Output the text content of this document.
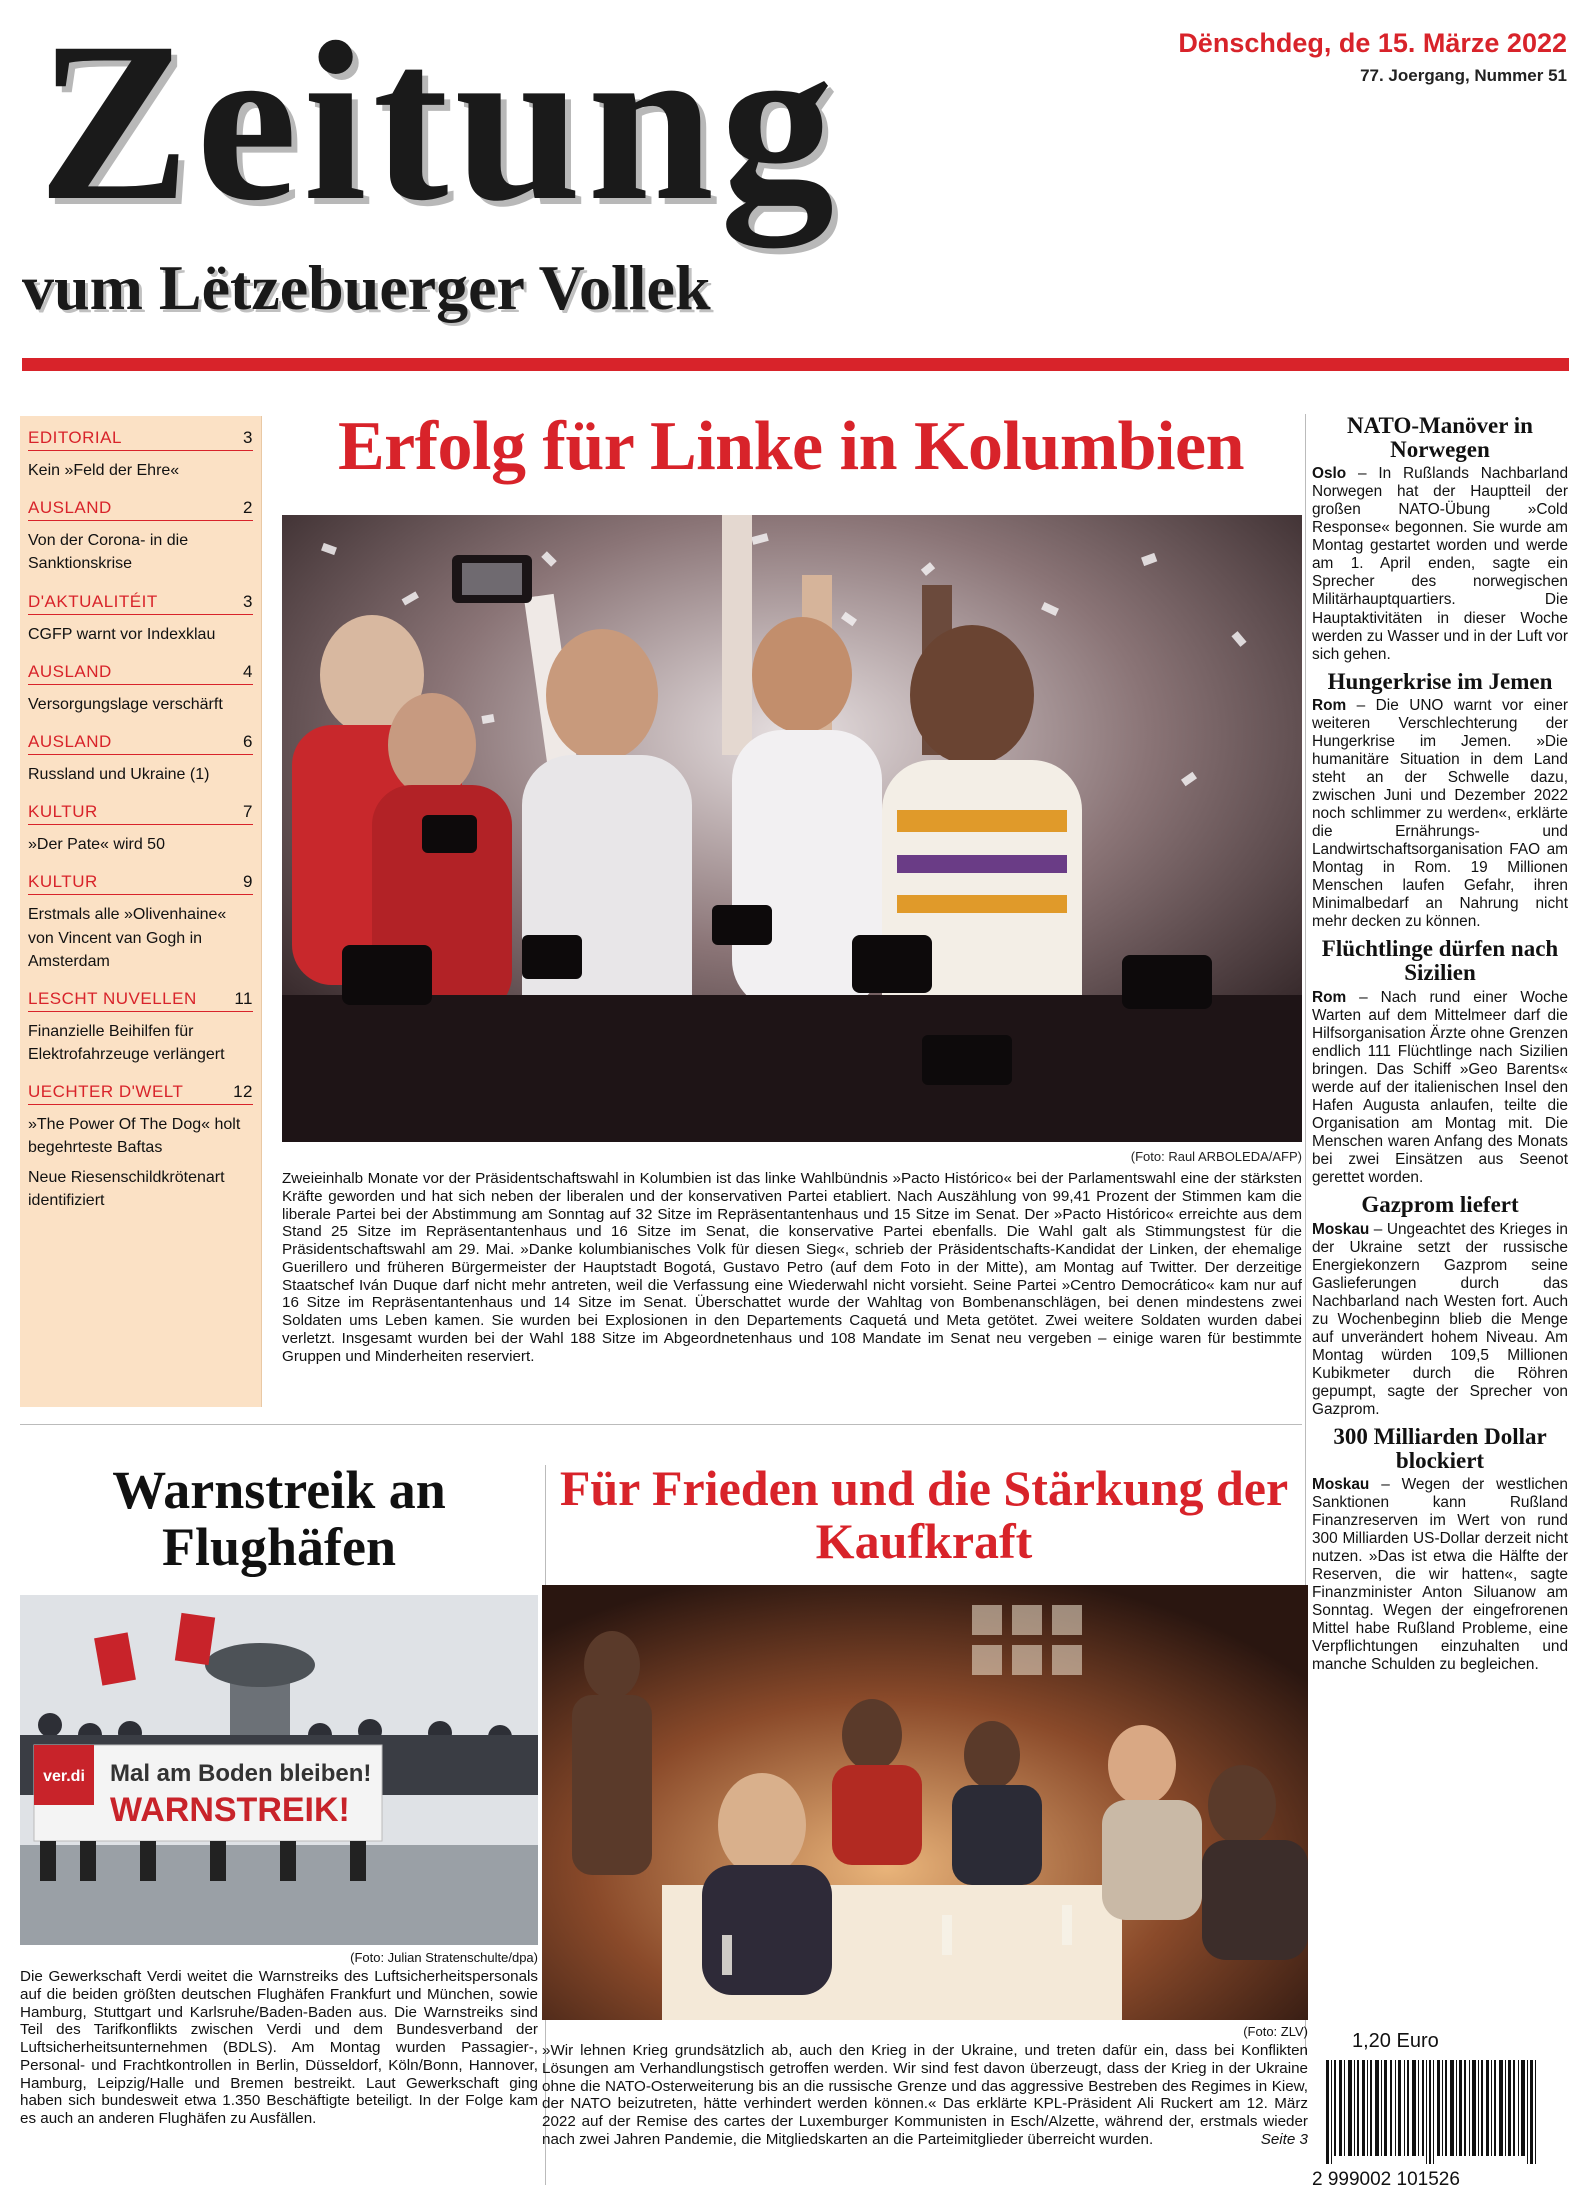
Zeitung
vum Lëtzebuerger Vollek
Dënschdeg, de 15. Märze 2022
77. Joergang, Nummer 51
EDITORIAL	3
Kein »Feld der Ehre«
AUSLAND	2
Von der Corona- in die Sanktionskrise
D'AKTUALITÉIT	3
CGFP warnt vor Indexklau
AUSLAND	4
Versorgungslage verschärft
AUSLAND	6
Russland und Ukraine (1)
KULTUR	7
»Der Pate« wird 50
KULTUR	9
Erstmals alle »Olivenhaine« von Vincent van Gogh in Amsterdam
LESCHT NUVELLEN 11
Finanzielle Beihilfen für Elektrofahrzeuge verlängert
UECHTER D'WELT	12
»The Power Of The Dog« holt begehrteste Baftas
Neue Riesenschildkrötenart identifiziert
Erfolg für Linke in Kolumbien
(Foto: Raul ARBOLEDA/AFP)
Zweieinhalb Monate vor der Präsidentschaftswahl in Kolumbien ist das linke Wahlbündnis »Pacto Histórico« bei der Parlamentswahl eine der stärksten Kräfte geworden und hat sich neben der liberalen und der konservativen Partei etabliert. Nach Auszählung von 99,41 Prozent der Stimmen kam die liberale Partei bei der Abstimmung am Sonntag auf 32 Sitze im Repräsentantenhaus und 15 Sitze im Senat. Der »Pacto Histórico« erreichte aus dem Stand 25 Sitze im Repräsentantenhaus und 16 Sitze im Senat, die konservative Partei ebenfalls. Die Wahl galt als Stimmungstest für die Präsidentschaftswahl am 29. Mai. »Danke kolumbianisches Volk für diesen Sieg«, schrieb der Präsidentschafts-Kandidat der Linken, der ehemalige Guerillero und früheren Bürgermeister der Hauptstadt Bogotá, Gustavo Petro (auf dem Foto in der Mitte), am Montag auf Twitter. Der derzeitige Staatschef Iván Duque darf nicht mehr antreten, weil die Verfassung eine Wiederwahl nicht vorsieht. Seine Partei »Centro Democrático« kam nur auf 16 Sitze im Repräsentantenhaus und 14 Sitze im Senat. Überschattet wurde der Wahltag von Bombenanschlägen, bei denen mindestens zwei Soldaten ums Leben kamen. Sie wurden bei Explosionen in den Departements Caquetá und Meta getötet. Zwei weitere Soldaten wurden dabei verletzt. Insgesamt wurden bei der Wahl 188 Sitze im Abgeordnetenhaus und 108 Mandate im Senat neu vergeben – einige waren für bestimmte Gruppen und Minderheiten reserviert.
NATO-Manöver in Norwegen
Oslo – In Rußlands Nachbarland Norwegen hat der Hauptteil der großen NATO-Übung »Cold Response« begonnen. Sie wurde am Montag gestartet worden und werde am 1. April enden, sagte ein Sprecher des norwegischen Militärhauptquartiers. Die Hauptaktivitäten in dieser Woche werden zu Wasser und in der Luft vor sich gehen.
Hungerkrise im Jemen
Rom – Die UNO warnt vor einer weiteren Verschlechterung der Hungerkrise im Jemen. »Die humanitäre Situation in dem Land steht an der Schwelle dazu, zwischen Juni und Dezember 2022 noch schlimmer zu werden«, erklärte die Ernährungs- und Landwirtschaftsorganisation FAO am Montag in Rom. 19 Millionen Menschen laufen Gefahr, ihren Minimalbedarf an Nahrung nicht mehr decken zu können.
Flüchtlinge dürfen nach Sizilien
Rom – Nach rund einer Woche Warten auf dem Mittelmeer darf die Hilfsorganisation Ärzte ohne Grenzen endlich 111 Flüchtlinge nach Sizilien bringen. Das Schiff »Geo Barents« werde auf der italienischen Insel den Hafen Augusta anlaufen, teilte die Organisation am Montag mit. Die Menschen waren Anfang des Monats bei zwei Einsätzen aus Seenot gerettet worden.
Gazprom liefert
Moskau – Ungeachtet des Krieges in der Ukraine setzt der russische Energiekonzern Gazprom seine Gaslieferungen durch das Nachbarland nach Westen fort. Auch zu Wochenbeginn blieb die Menge auf unverändert hohem Niveau. Am Montag würden 109,5 Millionen Kubikmeter durch die Röhren gepumpt, sagte der Sprecher von Gazprom.
300 Milliarden Dollar blockiert
Moskau – Wegen der westlichen Sanktionen kann Rußland Finanzreserven im Wert von rund 300 Milliarden US-Dollar derzeit nicht nutzen. »Das ist etwa die Hälfte der Reserven, die wir hatten«, sagte Finanzminister Anton Siluanow am Sonntag. Wegen der eingefrorenen Mittel habe Rußland Probleme, eine Verpflichtungen einzuhalten und manche Schulden zu begleichen.
1,20 Euro
2 999002 101526
Warnstreik an Flughäfen
ver.di Mal am Boden bleiben!
WARNSTREIK!
(Foto: Julian Stratenschulte/dpa)
Die Gewerkschaft Verdi weitet die Warnstreiks des Luftsicherheitspersonals auf die beiden größten deutschen Flughäfen Frankfurt und München, sowie Hamburg, Stuttgart und Karlsruhe/Baden-Baden aus. Die Warnstreiks sind Teil des Tarifkonflikts zwischen Verdi und dem Bundesverband der Luftsicherheitsunternehmen (BDLS). Am Montag wurden Passagier-, Personal- und Frachtkontrollen in Berlin, Düsseldorf, Köln/Bonn, Hannover, Hamburg, Leipzig/Halle und Bremen bestreikt. Laut Gewerkschaft ging haben sich bundesweit etwa 1.350 Beschäftigte beteiligt. In der Folge kam es auch an anderen Flughäfen zu Ausfällen.
Für Frieden und die Stärkung der Kaufkraft
(Foto: ZLV)
»Wir lehnen Krieg grundsätzlich ab, auch den Krieg in der Ukraine, und treten dafür ein, dass bei Konflikten Lösungen am Verhandlungstisch getroffen werden. Wir sind fest davon überzeugt, dass der Krieg in der Ukraine ohne die NATO-Osterweiterung bis an die russische Grenze und das aggressive Bestreben des Regimes in Kiew, der NATO beizutreten, hätte verhindert werden können.« Das erklärte KPL-Präsident Ali Ruckert am 12. März 2022 auf der Remise des cartes der Luxemburger Kommunisten in Esch/Alzette, während der, erstmals wieder nach zwei Jahren Pandemie, die Mitgliedskarten an die Parteimitglieder überreicht wurden.	Seite 3
